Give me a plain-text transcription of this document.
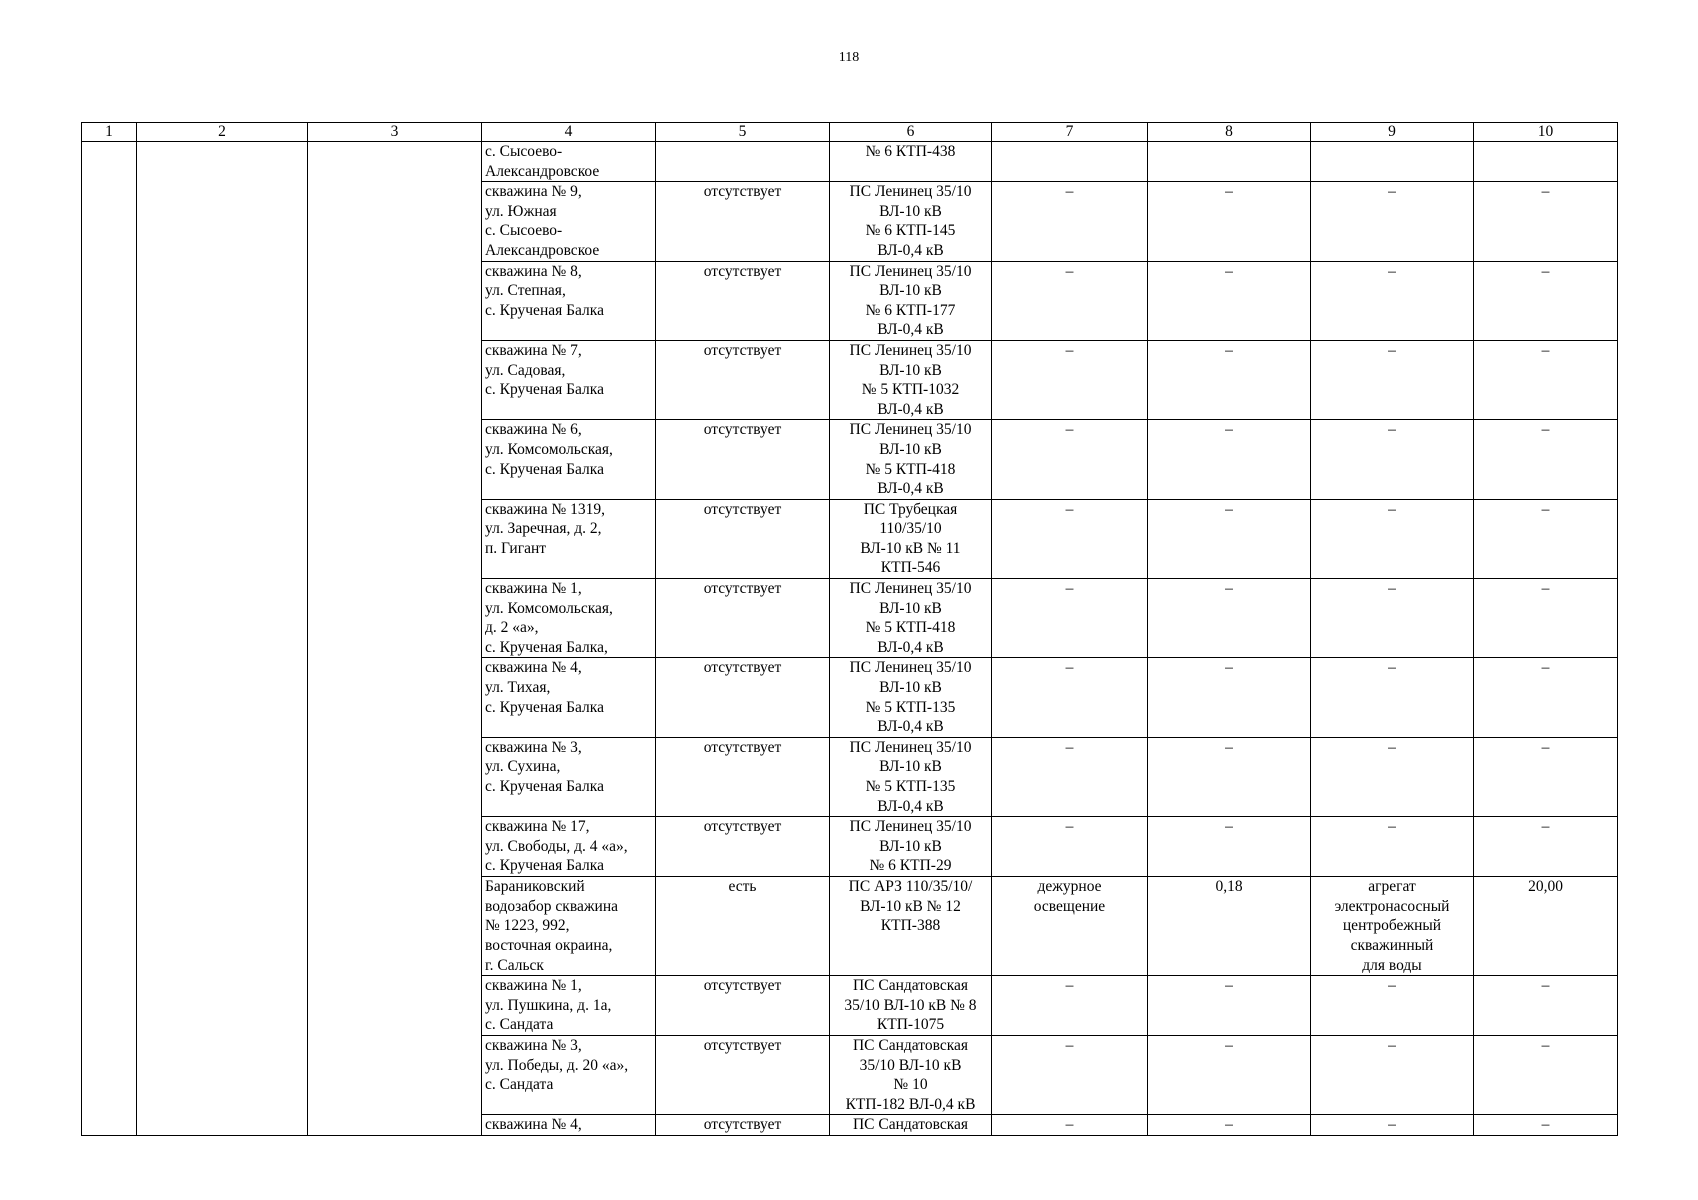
118
1	2	3	4	5	6	7	8	9	10
			с. Сысоево-
Александровское		№ 6 КТП-438				
			скважина № 9,
ул. Южная
с. Сысоево-
Александровское	отсутствует	ПС Ленинец 35/10
ВЛ-10 кВ
№ 6 КТП-145
ВЛ-0,4 кВ	–	–	–	–
			скважина № 8,
ул. Степная,
с. Крученая Балка	отсутствует	ПС Ленинец 35/10
ВЛ-10 кВ
№ 6 КТП-177
ВЛ-0,4 кВ	–	–	–	–
			скважина № 7,
ул. Садовая,
с. Крученая Балка	отсутствует	ПС Ленинец 35/10
ВЛ-10 кВ
№ 5 КТП-1032
ВЛ-0,4 кВ	–	–	–	–
			скважина № 6,
ул. Комсомольская,
с. Крученая Балка	отсутствует	ПС Ленинец 35/10
ВЛ-10 кВ
№ 5 КТП-418
ВЛ-0,4 кВ	–	–	–	–
			скважина № 1319,
ул. Заречная, д. 2,
п. Гигант	отсутствует	ПС Трубецкая
110/35/10
ВЛ-10 кВ № 11
КТП-546	–	–	–	–
			скважина № 1,
ул. Комсомольская,
д. 2 «а»,
с. Крученая Балка,	отсутствует	ПС Ленинец 35/10
ВЛ-10 кВ
№ 5 КТП-418
ВЛ-0,4 кВ	–	–	–	–
			скважина № 4,
ул. Тихая,
с. Крученая Балка	отсутствует	ПС Ленинец 35/10
ВЛ-10 кВ
№ 5 КТП-135
ВЛ-0,4 кВ	–	–	–	–
			скважина № 3,
ул. Сухина,
с. Крученая Балка	отсутствует	ПС Ленинец 35/10
ВЛ-10 кВ
№ 5 КТП-135
ВЛ-0,4 кВ	–	–	–	–
			скважина № 17,
ул. Свободы, д. 4 «а»,
с. Крученая Балка	отсутствует	ПС Ленинец 35/10
ВЛ-10 кВ
№ 6 КТП-29	–	–	–	–
			Бараниковский
водозабор скважина
№ 1223, 992,
восточная окраина,
г. Сальск	есть	ПС АРЗ 110/35/10/
ВЛ-10 кВ № 12
КТП-388	дежурное
освещение	0,18	агрегат
электронасосный
центробежный
скважинный
для воды	20,00
			скважина № 1,
ул. Пушкина, д. 1а,
с. Сандата	отсутствует	ПС Сандатовская
35/10 ВЛ-10 кВ № 8
КТП-1075	–	–	–	–
			скважина № 3,
ул. Победы, д. 20 «а»,
с. Сандата	отсутствует	ПС Сандатовская
35/10 ВЛ-10 кВ
№ 10
КТП-182 ВЛ-0,4 кВ	–	–	–	–
			скважина № 4,	отсутствует	ПС Сандатовская	–	–	–	–
